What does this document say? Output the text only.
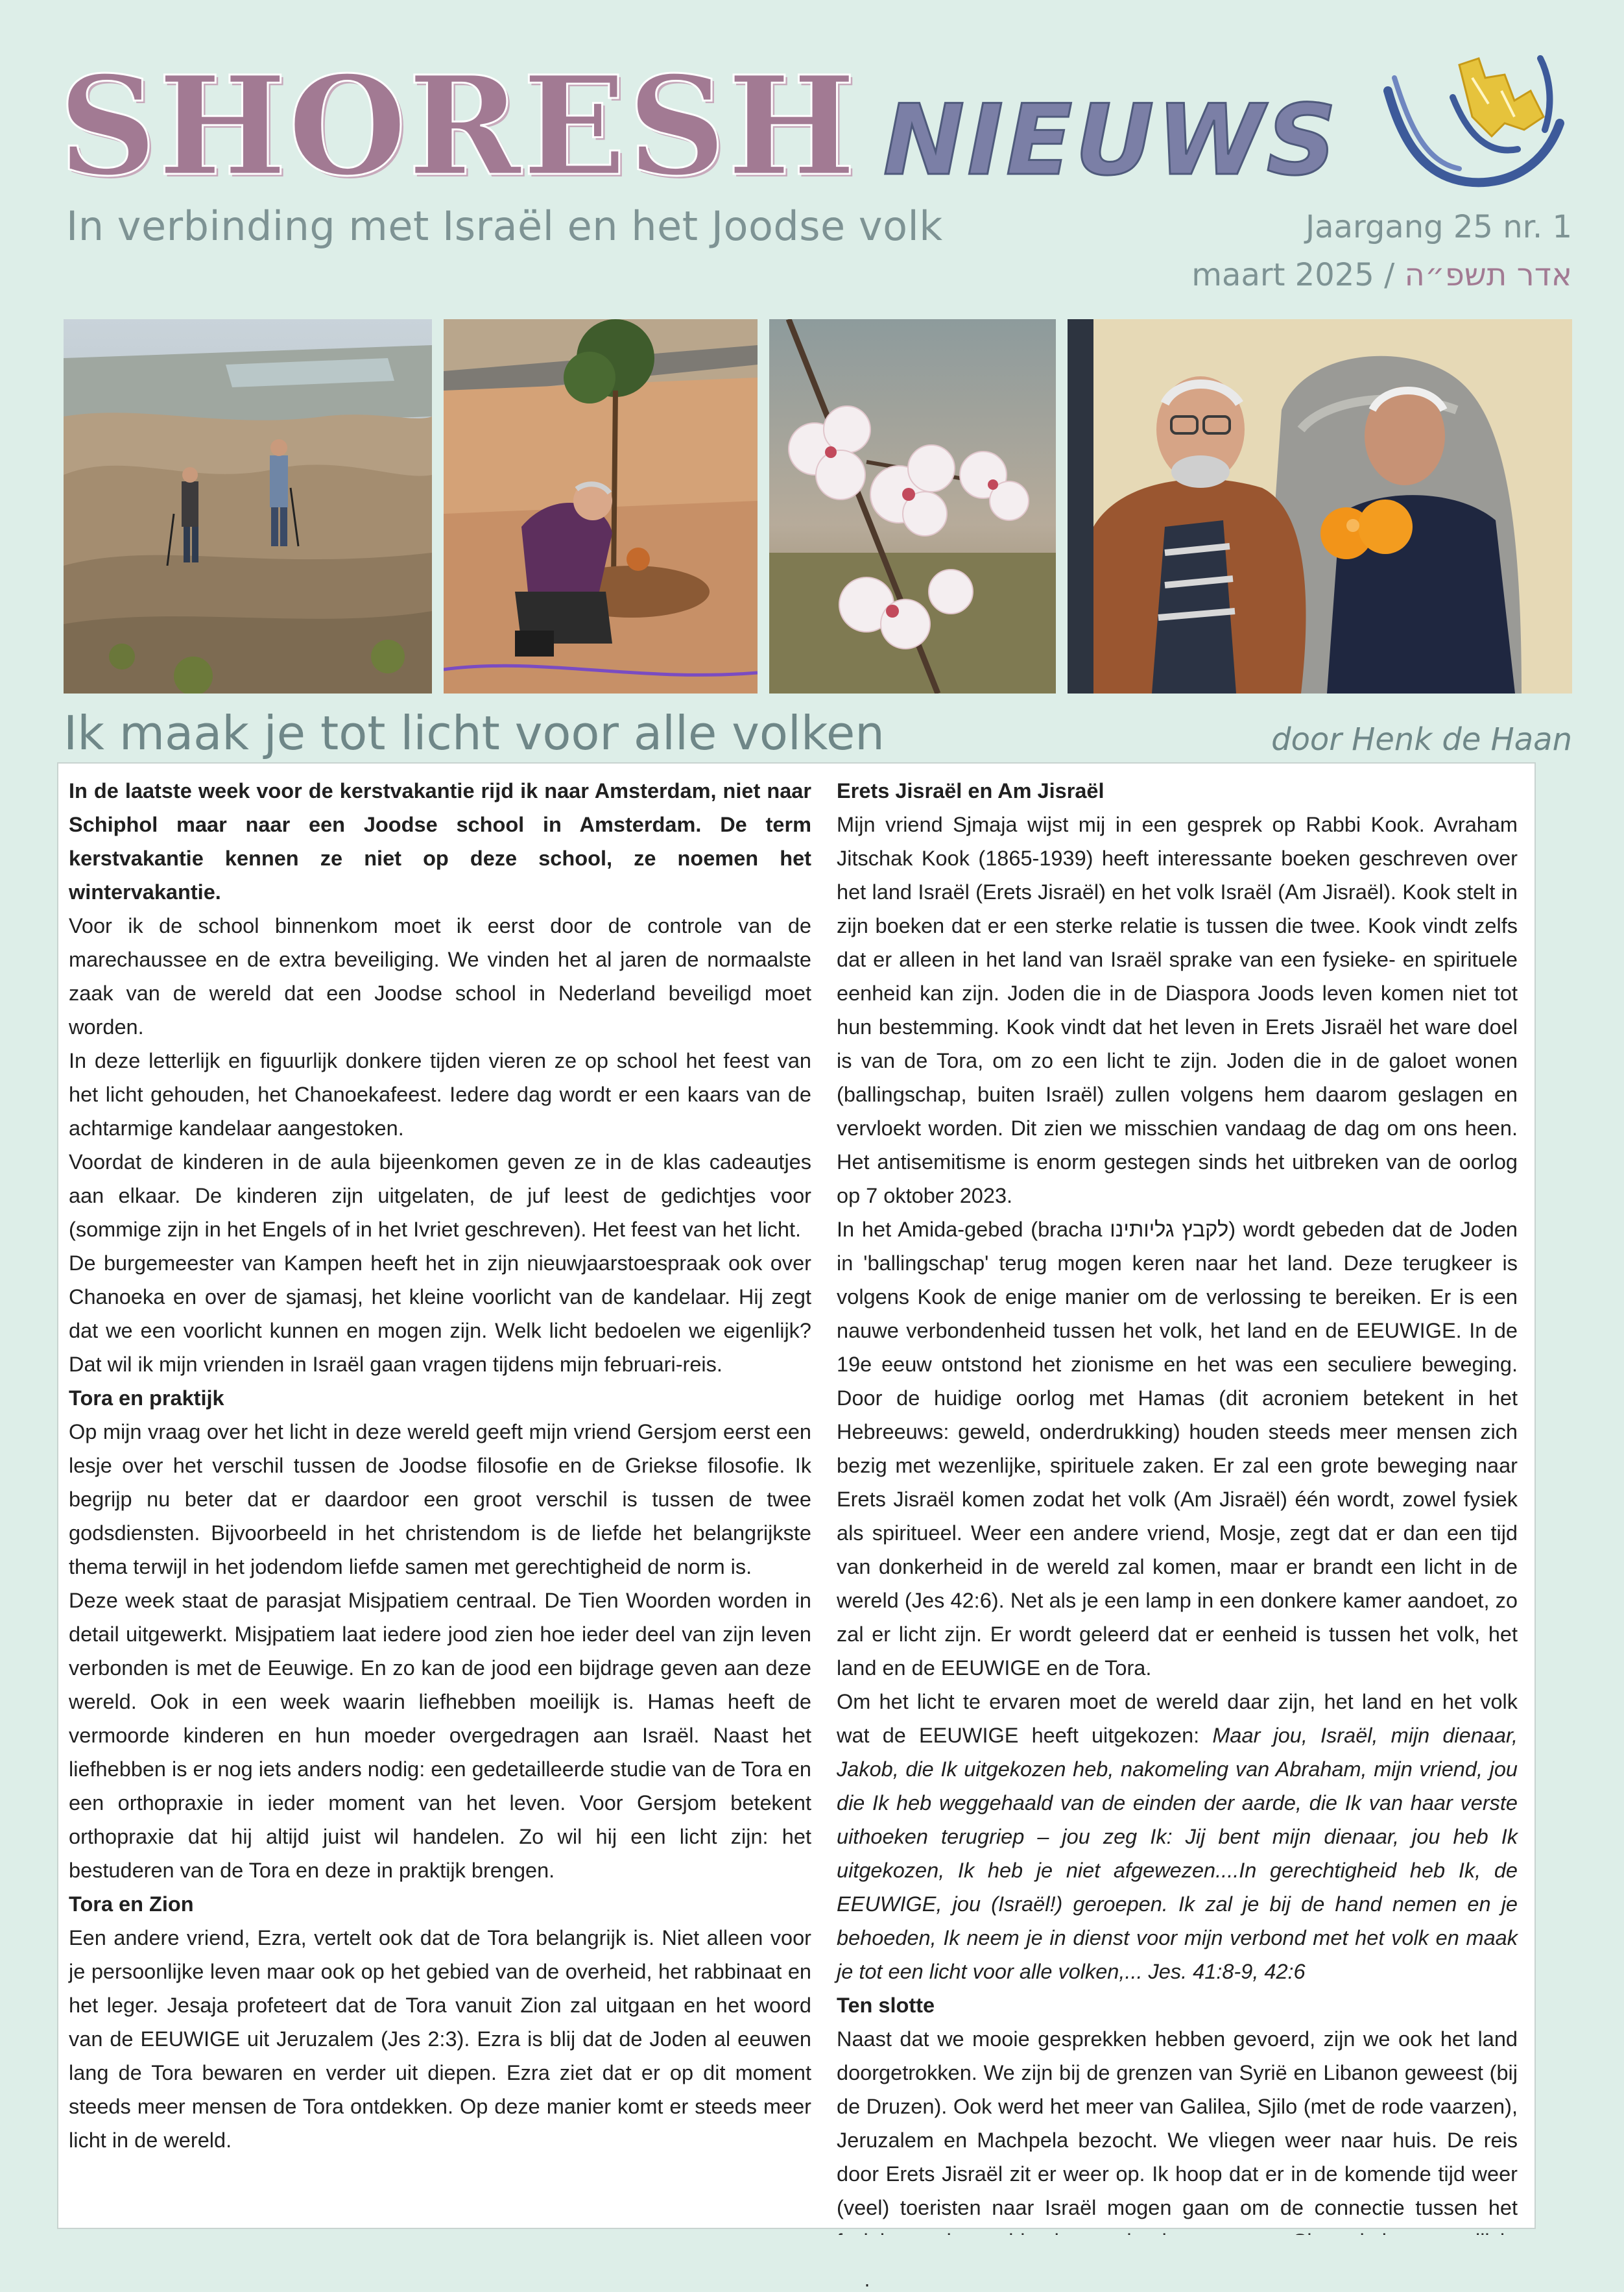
SHORESH NIEUWS
In verbinding met Israël en het Joodse volk	Jaargang 25 nr. 1
maart 2025 / אדר תשפ״ה
Ik maak je tot licht voor alle volken	door Henk de Haan

In de laatste week voor de kerstvakantie rijd ik naar Amsterdam, niet naar Schiphol maar naar een Joodse school in Amsterdam. De term kerstvakantie kennen ze niet op deze school, ze noemen het wintervakantie.

Voor ik de school binnenkom moet ik eerst door de controle van de marechaussee en de extra beveiliging. We vinden het al jaren de normaalste zaak van de wereld dat een Joodse school in Nederland beveiligd moet worden.

In deze letterlijk en figuurlijk donkere tijden vieren ze op school het feest van het licht gehouden, het Chanoekafeest. Iedere dag wordt er een kaars van de achtarmige kandelaar aangestoken.

Voordat de kinderen in de aula bijeenkomen geven ze in de klas cadeautjes aan elkaar. De kinderen zijn uitgelaten, de juf leest de gedichtjes voor (sommige zijn in het Engels of in het Ivriet geschreven). Het feest van het licht.

De burgemeester van Kampen heeft het in zijn nieuwjaarstoespraak ook over Chanoeka en over de sjamasj, het kleine voorlicht van de kandelaar. Hij zegt dat we een voorlicht kunnen en mogen zijn. Welk licht bedoelen we eigenlijk? Dat wil ik mijn vrienden in Israël gaan vragen tijdens mijn februari-reis.

Tora en praktijk

Op mijn vraag over het licht in deze wereld geeft mijn vriend Gersjom eerst een lesje over het verschil tussen de Joodse filosofie en de Griekse filosofie. Ik begrijp nu beter dat er daardoor een groot verschil is tussen de twee godsdiensten. Bijvoorbeeld in het christendom is de liefde het belangrijkste thema terwijl in het jodendom liefde samen met gerechtigheid de norm is.

Deze week staat de parasjat Misjpatiem centraal. De Tien Woorden worden in detail uitgewerkt. Misjpatiem laat iedere jood zien hoe ieder deel van zijn leven verbonden is met de Eeuwige. En zo kan de jood een bijdrage geven aan deze wereld. Ook in een week waarin liefhebben moeilijk is. Hamas heeft de vermoorde kinderen en hun moeder overgedragen aan Israël. Naast het liefhebben is er nog iets anders nodig: een gedetailleerde studie van de Tora en een orthopraxie in ieder moment van het leven. Voor Gersjom betekent orthopraxie dat hij altijd juist wil handelen. Zo wil hij een licht zijn: het bestuderen van de Tora en deze in praktijk brengen.

Tora en Zion

Een andere vriend, Ezra, vertelt ook dat de Tora belangrijk is. Niet alleen voor je persoonlijke leven maar ook op het gebied van de overheid, het rabbinaat en het leger. Jesaja profeteert dat de Tora vanuit Zion zal uitgaan en het woord van de EEUWIGE uit Jeruzalem (Jes 2:3). Ezra is blij dat de Joden al eeuwen lang de Tora bewaren en verder uit diepen. Ezra ziet dat er op dit moment steeds meer mensen de Tora ontdekken. Op deze manier komt er steeds meer licht in de wereld.

Erets Jisraël en Am Jisraël

Mijn vriend Sjmaja wijst mij in een gesprek op Rabbi Kook. Avraham Jitschak Kook (1865-1939) heeft interessante boeken geschreven over het land Israël (Erets Jisraël) en het volk Israël (Am Jisraël). Kook stelt in zijn boeken dat er een sterke relatie is tussen die twee. Kook vindt zelfs dat er alleen in het land van Israël sprake van een fysieke- en spirituele eenheid kan zijn. Joden die in de Diaspora Joods leven komen niet tot hun bestemming. Kook vindt dat het leven in Erets Jisraël het ware doel is van de Tora, om zo een licht te zijn. Joden die in de galoet wonen (ballingschap, buiten Israël) zullen volgens hem daarom geslagen en vervloekt worden. Dit zien we misschien vandaag de dag om ons heen. Het antisemitisme is enorm gestegen sinds het uitbreken van de oorlog op 7 oktober 2023.

In het Amida-gebed (bracha לקבץ גליותינו) wordt gebeden dat de Joden in 'ballingschap' terug mogen keren naar het land. Deze terugkeer is volgens Kook de enige manier om de verlossing te bereiken. Er is een nauwe verbondenheid tussen het volk, het land en de EEUWIGE. In de 19e eeuw ontstond het zionisme en het was een seculiere beweging. Door de huidige oorlog met Hamas (dit acroniem betekent in het Hebreeuws: geweld, onderdrukking) houden steeds meer mensen zich bezig met wezenlijke, spirituele zaken. Er zal een grote beweging naar Erets Jisraël komen zodat het volk (Am Jisraël) één wordt, zowel fysiek als spiritueel. Weer een andere vriend, Mosje, zegt dat er dan een tijd van donkerheid in de wereld zal komen, maar er brandt een licht in de wereld (Jes 42:6). Net als je een lamp in een donkere kamer aandoet, zo zal er licht zijn. Er wordt geleerd dat er eenheid is tussen het volk, het land en de EEUWIGE en de Tora.

Om het licht te ervaren moet de wereld daar zijn, het land en het volk wat de EEUWIGE heeft uitgekozen: Maar jou, Israël, mijn dienaar, Jakob, die Ik uitgekozen heb, nakomeling van Abraham, mijn vriend, jou die Ik heb weggehaald van de einden der aarde, die Ik van haar verste uithoeken terugriep – jou zeg Ik: Jij bent mijn dienaar, jou heb Ik uitgekozen, Ik heb je niet afgewezen....In gerechtigheid heb Ik, de EEUWIGE, jou (Israël!) geroepen. Ik zal je bij de hand nemen en je behoeden, Ik neem je in dienst voor mijn verbond met het volk en maak je tot een licht voor alle volken,... Jes. 41:8-9, 42:6

Ten slotte

Naast dat we mooie gesprekken hebben gevoerd, zijn we ook het land doorgetrokken. We zijn bij de grenzen van Syrië en Libanon geweest (bij de Druzen). Ook werd het meer van Galilea, Sjilo (met de rode vaarzen), Jeruzalem en Machpela bezocht. We vliegen weer naar huis. De reis door Erets Jisraël zit er weer op. Ik hoop dat er in de komende tijd weer (veel) toeristen naar Israël mogen gaan om de connectie tussen het
